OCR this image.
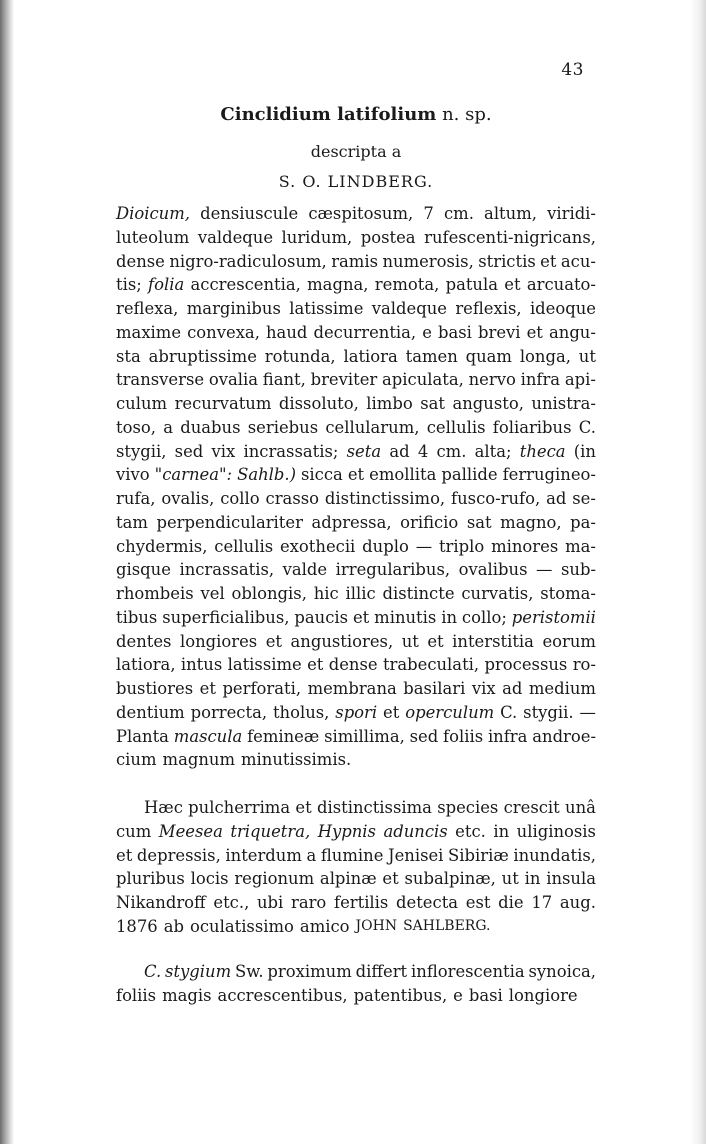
43
Cinclidium latifolium n. sp.
descripta a
S. O. LINDBERG.
Dioicum, densiuscule cæspitosum, 7 cm. altum, viridi-
luteolum valdeque luridum, postea rufescenti-nigricans,
dense nigro-radiculosum, ramis numerosis, strictis et acu-
tis; folia accrescentia, magna, remota, patula et arcuato-
reflexa, marginibus latissime valdeque reflexis, ideoque
maxime convexa, haud decurrentia, e basi brevi et angu-
sta abruptissime rotunda, latiora tamen quam longa, ut
transverse ovalia fiant, breviter apiculata, nervo infra api-
culum recurvatum dissoluto, limbo sat angusto, unistra-
toso, a duabus seriebus cellularum, cellulis foliaribus C.
stygii, sed vix incrassatis; seta ad 4 cm. alta; theca (in
vivo "carnea": Sahlb.) sicca et emollita pallide ferrugineo-
rufa, ovalis, collo crasso distinctissimo, fusco-rufo, ad se-
tam perpendiculariter adpressa, orificio sat magno, pa-
chydermis, cellulis exothecii duplo — triplo minores ma-
gisque incrassatis, valde irregularibus, ovalibus — sub-
rhombeis vel oblongis, hic illic distincte curvatis, stoma-
tibus superficialibus, paucis et minutis in collo; peristomii
dentes longiores et angustiores, ut et interstitia eorum
latiora, intus latissime et dense trabeculati, processus ro-
bustiores et perforati, membrana basilari vix ad medium
dentium porrecta, tholus, spori et operculum C. stygii. —
Planta mascula femineæ simillima, sed foliis infra androe-
cium magnum minutissimis.
Hæc pulcherrima et distinctissima species crescit unâ
cum Meesea triquetra, Hypnis aduncis etc. in uliginosis
et depressis, interdum a flumine Jenisei Sibiriæ inundatis,
pluribus locis regionum alpinæ et subalpinæ, ut in insula
Nikandroff etc., ubi raro fertilis detecta est die 17 aug.
1876 ab oculatissimo amico JOHN SAHLBERG.
C. stygium Sw. proximum differt inflorescentia synoica,
foliis magis accrescentibus, patentibus, e basi longiore
